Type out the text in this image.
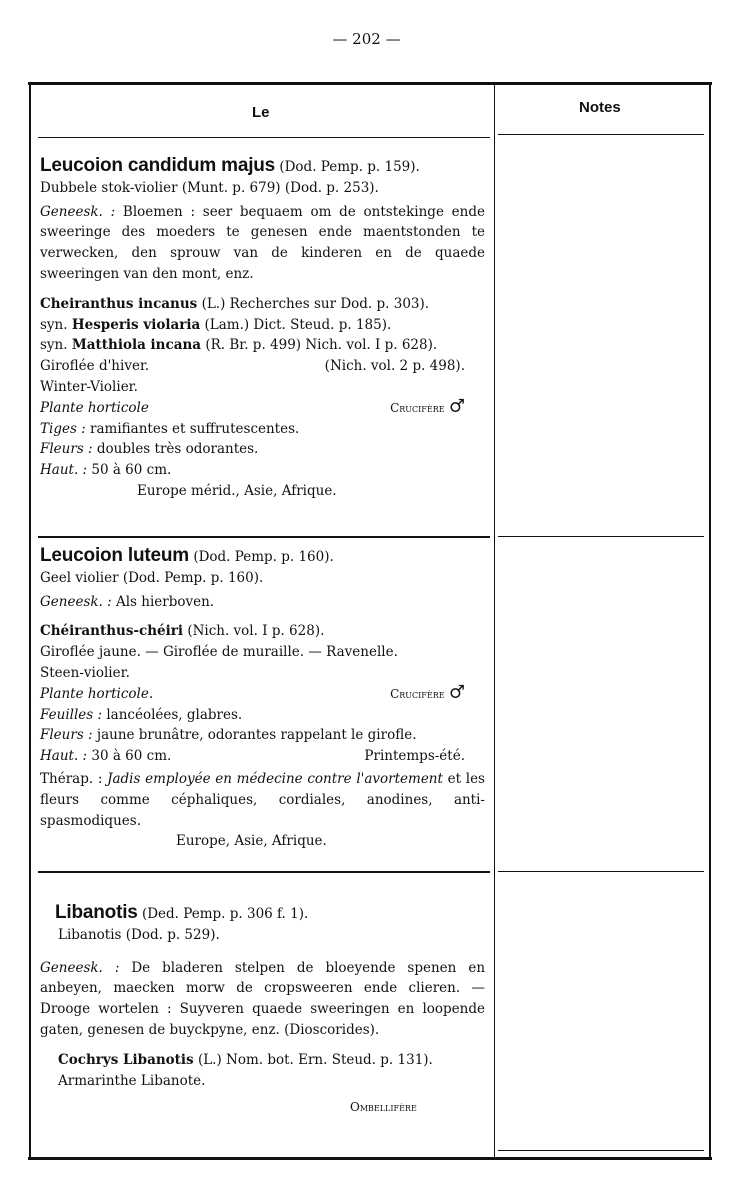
— 202 —
Le	Notes
Leucoion candidum majus (Dod. Pemp. p. 159).
Dubbele stok-violier (Munt. p. 679) (Dod. p. 253).
Geneesk. : Bloemen : seer bequaem om de ontstekinge ende sweeringe des moeders te genesen ende maentstonden te verwecken, den sprouw van de kinderen en de quaede sweeringen van den mont, enz.
Cheiranthus incanus (L.) Recherches sur Dod. p. 303).
syn. Hesperis violaria (Lam.) Dict. Steud. p. 185).
syn. Matthiola incana (R. Br. p. 499) Nich. vol. I p. 628).
Giroflée d'hiver.	(Nich. vol. 2 p. 498).
Winter-Violier.
Plante horticole	Crucifère ♂
Tiges : ramifiantes et suffrutescentes.
Fleurs : doubles très odorantes.
Haut. : 50 à 60 cm.
Europe mérid., Asie, Afrique.
Leucoion luteum (Dod. Pemp. p. 160).
Geel violier (Dod. Pemp. p. 160).
Geneesk. : Als hierboven.
Chéiranthus-chéiri (Nich. vol. I p. 628).
Giroflée jaune. — Giroflée de muraille. — Ravenelle.
Steen-violier.
Plante horticole.	Crucifère ♂
Feuilles : lancéolées, glabres.
Fleurs : jaune brunâtre, odorantes rappelant le girofle.
Haut. : 30 à 60 cm.	Printemps-été.
Thérap. : Jadis employée en médecine contre l'avortement et les fleurs comme céphaliques, cordiales, anodines, anti-spasmodiques.
Europe, Asie, Afrique.
Libanotis (Ded. Pemp. p. 306 f. 1).
Libanotis (Dod. p. 529).
Geneesk. : De bladeren stelpen de bloeyende spenen en anbeyen, maecken morw de cropsweeren ende clieren. — Drooge wortelen : Suyveren quaede sweeringen en loopende gaten, genesen de buyckpyne, enz. (Dioscorides).
Cochrys Libanotis (L.) Nom. bot. Ern. Steud. p. 131).
Armarinthe Libanote.
Ombellifère
